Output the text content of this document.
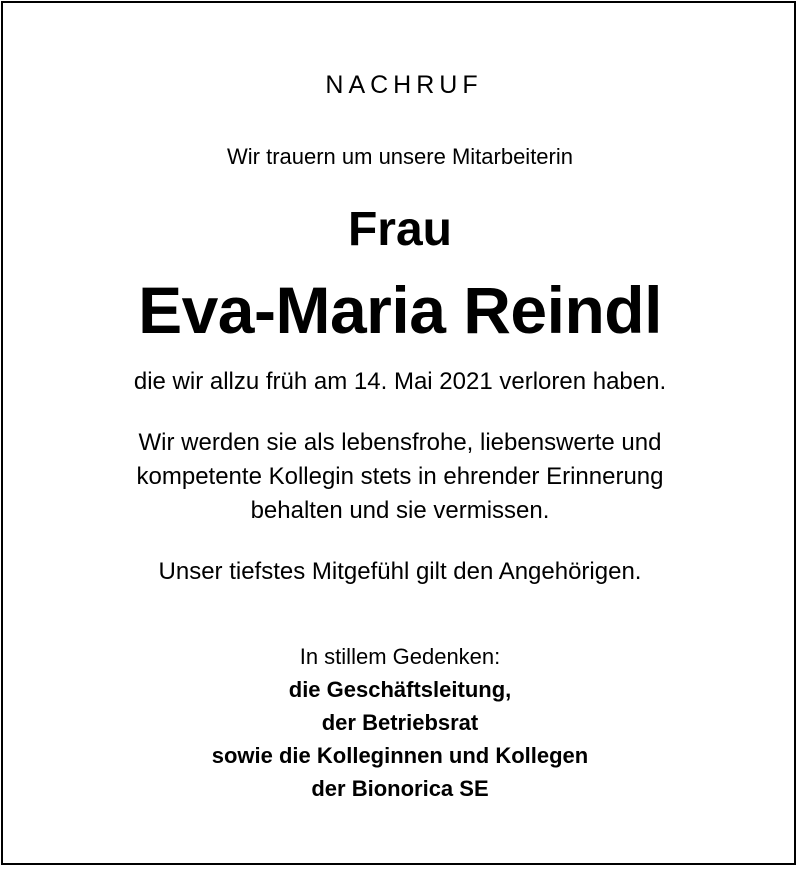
NACHRUF
Wir trauern um unsere Mitarbeiterin
Frau
Eva-Maria Reindl
die wir allzu früh am 14. Mai 2021 verloren haben.
Wir werden sie als lebensfrohe, liebenswerte und
kompetente Kollegin stets in ehrender Erinnerung
behalten und sie vermissen.
Unser tiefstes Mitgefühl gilt den Angehörigen.
In stillem Gedenken:
die Geschäftsleitung,
der Betriebsrat
sowie die Kolleginnen und Kollegen
der Bionorica SE
